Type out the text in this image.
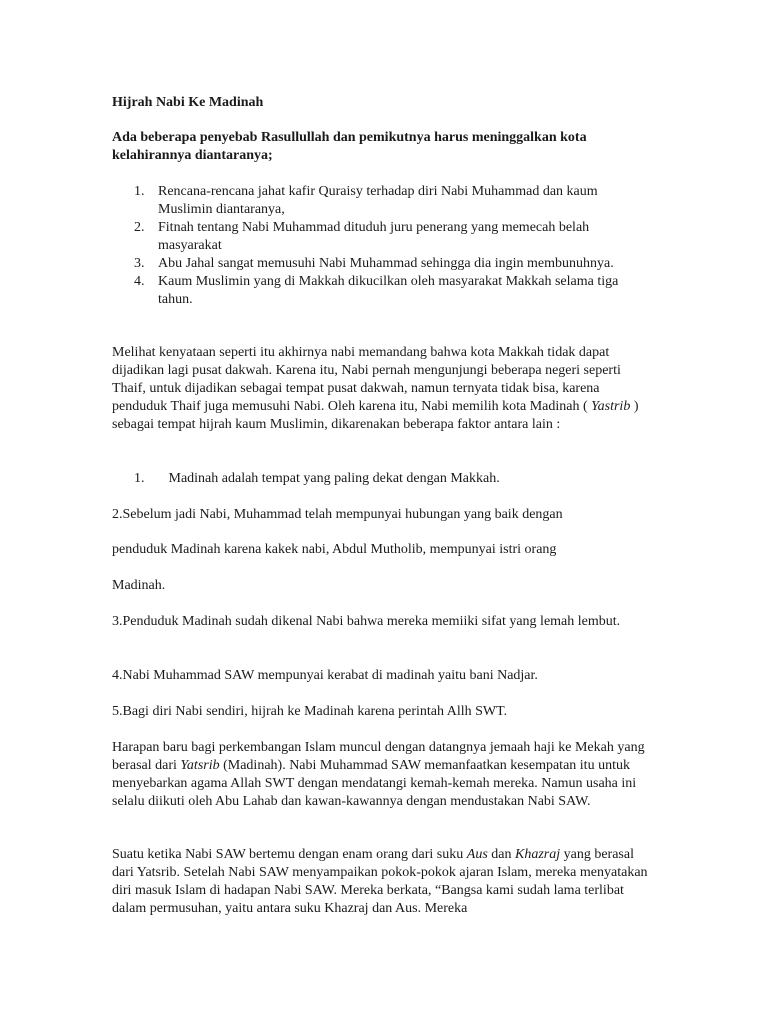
Hijrah Nabi Ke Madinah
Ada beberapa penyebab Rasullullah dan pemikutnya harus meninggalkan kota kelahirannya diantaranya;
1. Rencana-rencana jahat kafir Quraisy terhadap diri Nabi Muhammad dan kaum Muslimin diantaranya,
2. Fitnah tentang Nabi Muhammad dituduh juru penerang yang memecah belah masyarakat
3. Abu Jahal sangat memusuhi Nabi Muhammad sehingga dia ingin membunuhnya.
4. Kaum Muslimin yang di Makkah dikucilkan oleh masyarakat Makkah selama tiga tahun.
Melihat kenyataan seperti itu akhirnya nabi memandang bahwa kota Makkah tidak dapat dijadikan lagi pusat dakwah. Karena itu, Nabi pernah mengunjungi beberapa negeri seperti Thaif, untuk dijadikan sebagai tempat pusat dakwah, namun ternyata tidak bisa, karena penduduk Thaif juga memusuhi Nabi. Oleh karena itu, Nabi memilih kota Madinah ( Yastrib ) sebagai tempat hijrah kaum Muslimin, dikarenakan beberapa faktor antara lain :
1. Madinah adalah tempat yang paling dekat dengan Makkah.
2.Sebelum jadi Nabi, Muhammad telah mempunyai hubungan yang baik dengan
penduduk Madinah karena kakek nabi, Abdul Mutholib, mempunyai istri orang
Madinah.
3.Penduduk Madinah sudah dikenal Nabi bahwa mereka memiiki sifat yang lemah lembut.
4.Nabi Muhammad SAW mempunyai kerabat di madinah yaitu bani Nadjar.
5.Bagi diri Nabi sendiri, hijrah ke Madinah karena perintah Allh SWT.
Harapan baru bagi perkembangan Islam muncul dengan datangnya jemaah haji ke Mekah yang berasal dari Yatsrib (Madinah). Nabi Muhammad SAW memanfaatkan kesempatan itu untuk menyebarkan agama Allah SWT dengan mendatangi kemah-kemah mereka. Namun usaha ini selalu diikuti oleh Abu Lahab dan kawan-kawannya dengan mendustakan Nabi SAW.
Suatu ketika Nabi SAW bertemu dengan enam orang dari suku Aus dan Khazraj yang berasal dari Yatsrib. Setelah Nabi SAW menyampaikan pokok-pokok ajaran Islam, mereka menyatakan diri masuk Islam di hadapan Nabi SAW. Mereka berkata, “Bangsa kami sudah lama terlibat dalam permusuhan, yaitu antara suku Khazraj dan Aus. Mereka
